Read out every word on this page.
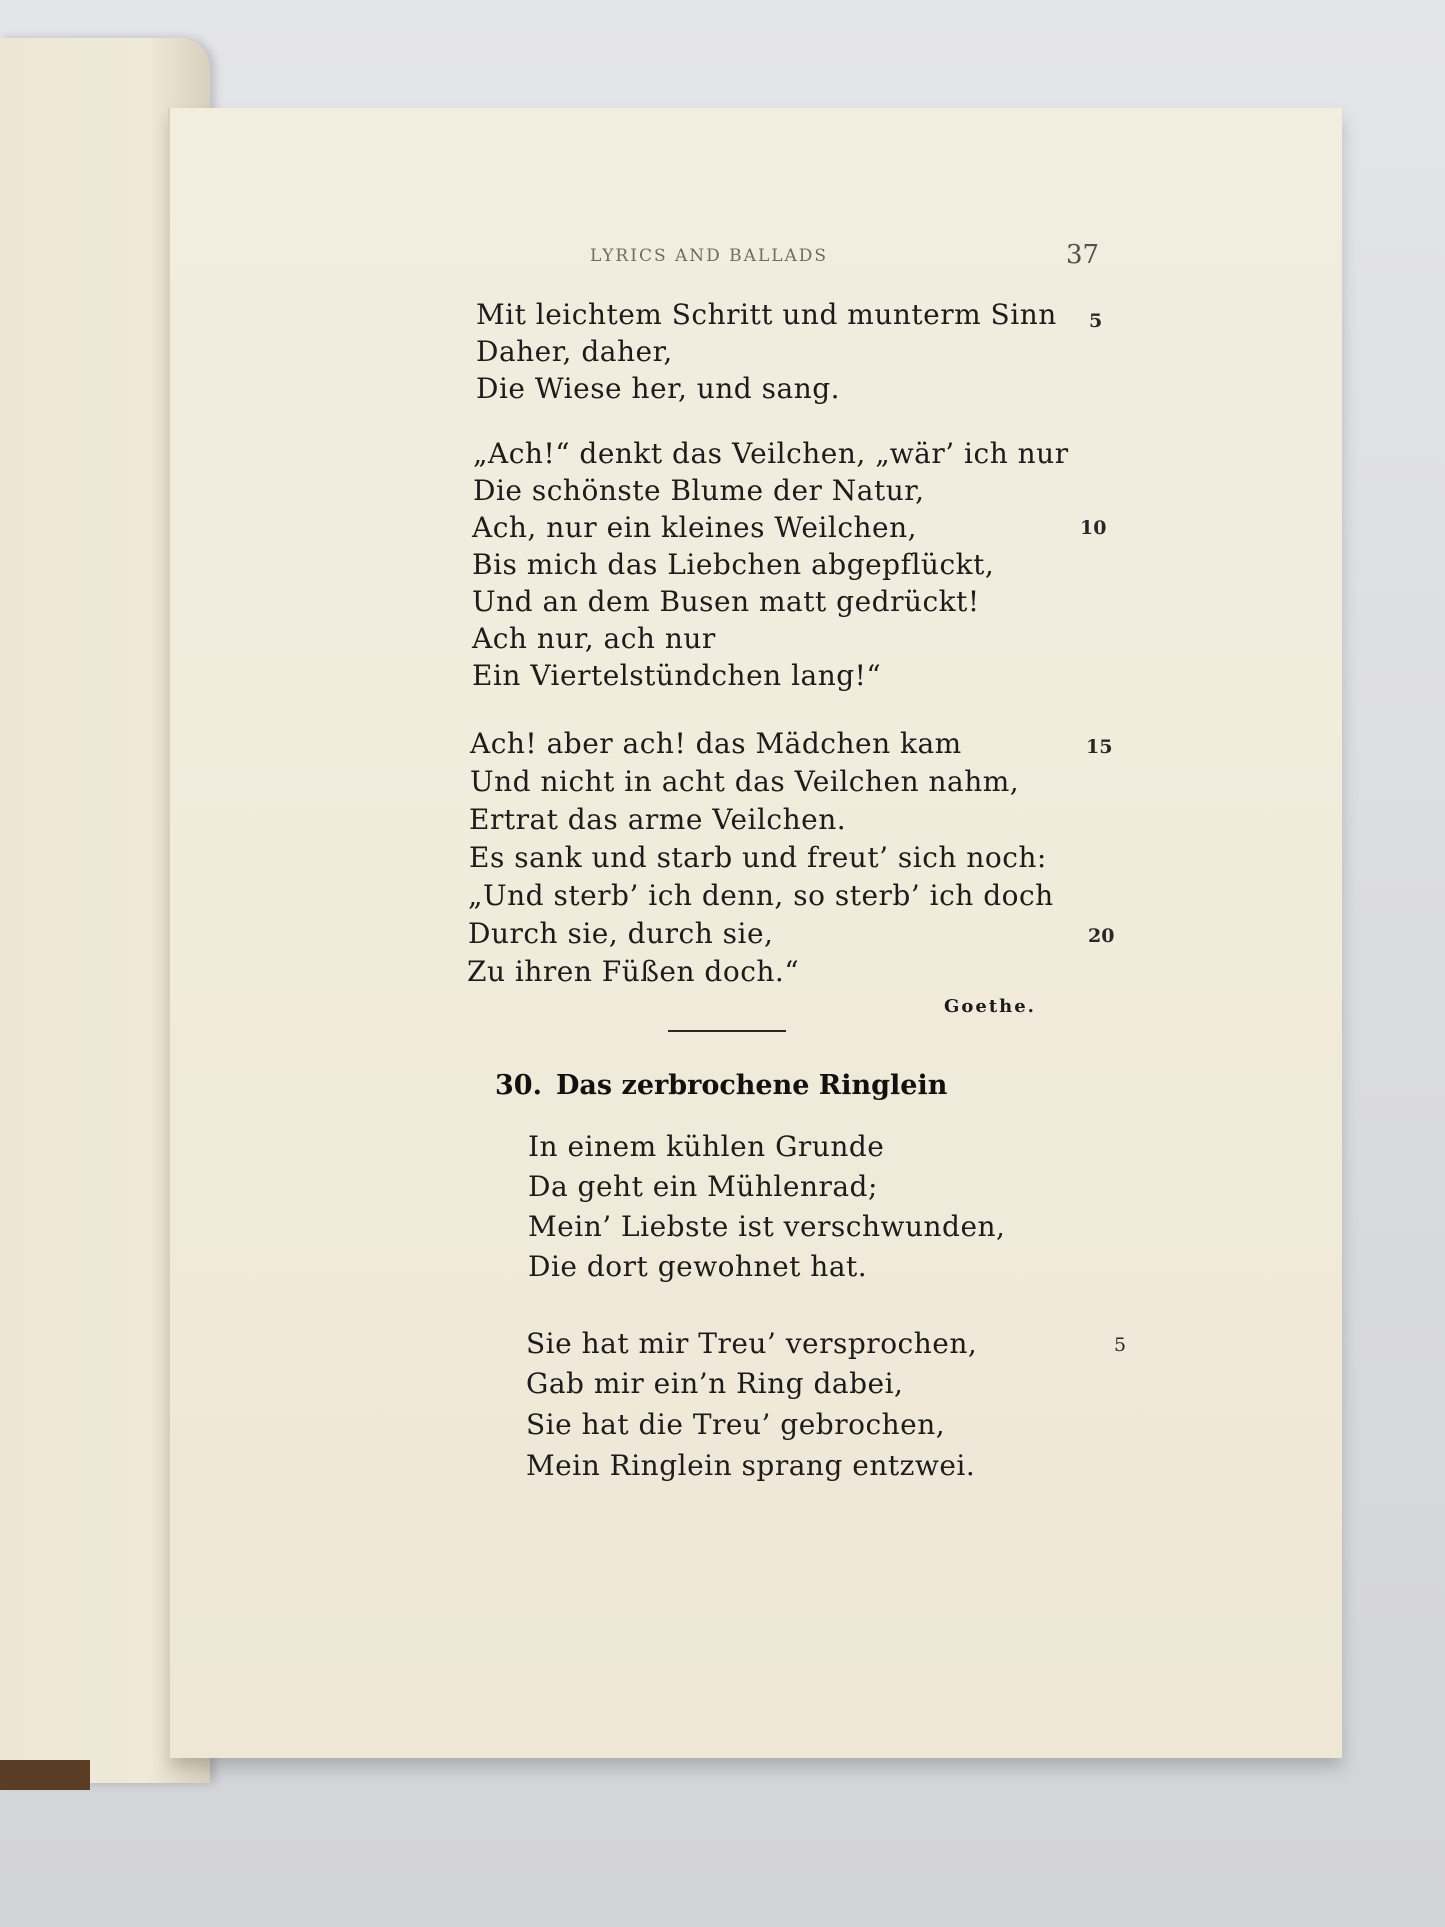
LYRICS AND BALLADS	37
Mit leichtem Schritt und munterm Sinn
Daher, daher,
Die Wiese her, und sang.
„Ach!“ denkt das Veilchen, „wär’ ich nur
Die schönste Blume der Natur,
Ach, nur ein kleines Weilchen,
Bis mich das Liebchen abgepflückt,
Und an dem Busen matt gedrückt!
Ach nur, ach nur
Ein Viertelstündchen lang!“
Ach! aber ach! das Mädchen kam
Und nicht in acht das Veilchen nahm,
Ertrat das arme Veilchen.
Es sank und starb und freut’ sich noch:
„Und sterb’ ich denn, so sterb’ ich doch
Durch sie, durch sie,
Zu ihren Füßen doch.“
5
10
15
20
Goethe.
30. Das zerbrochene Ringlein
In einem kühlen Grunde
Da geht ein Mühlenrad;
Mein’ Liebste ist verschwunden,
Die dort gewohnet hat.
Sie hat mir Treu’ versprochen,
Gab mir ein’n Ring dabei,
Sie hat die Treu’ gebrochen,
Mein Ringlein sprang entzwei.
5
